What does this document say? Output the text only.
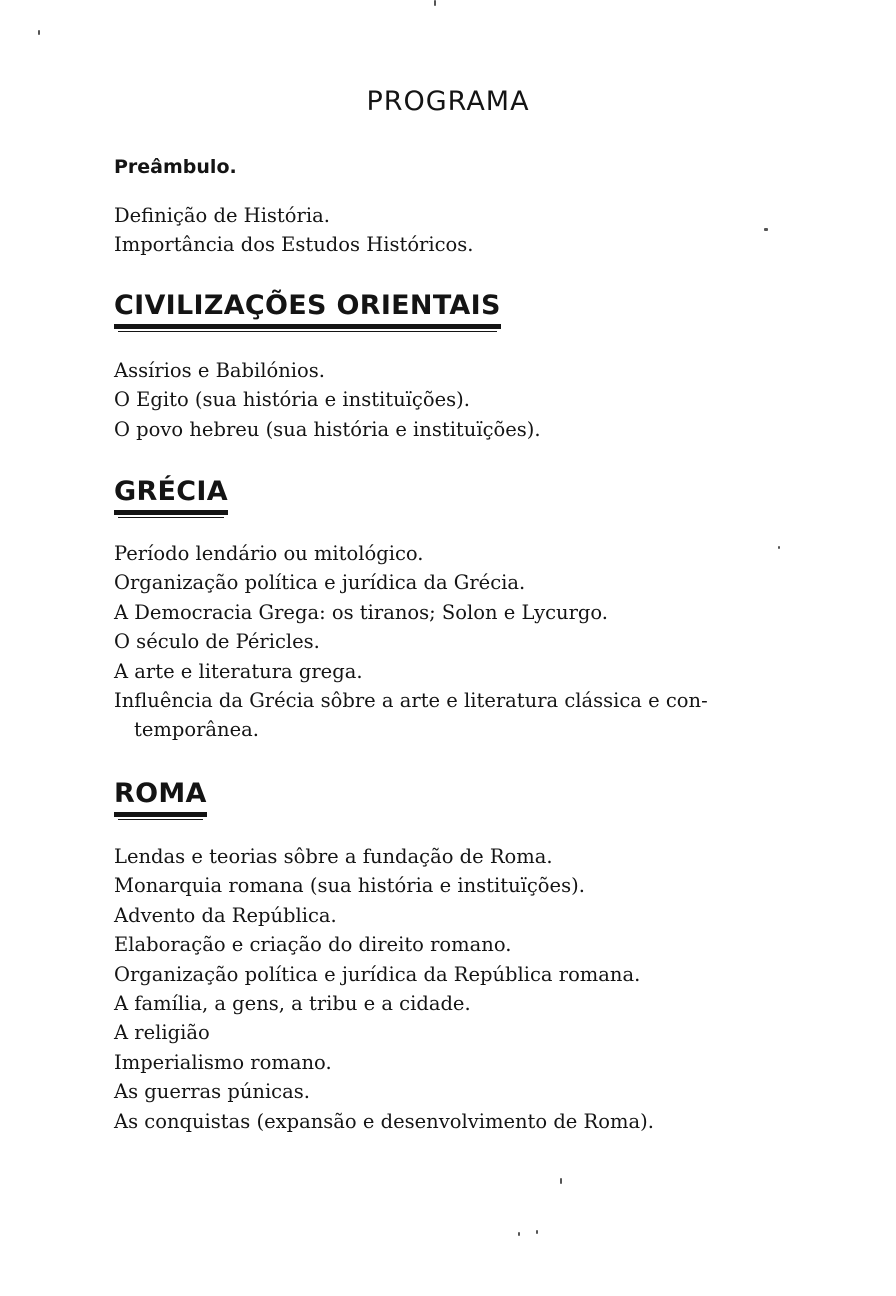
PROGRAMA
Preâmbulo.
Definição de História.
Importância dos Estudos Históricos.
CIVILIZAÇÕES ORIENTAIS
Assírios e Babilónios.
O Egito (sua história e instituïções).
O povo hebreu (sua história e instituïções).
GRÉCIA
Período lendário ou mitológico.
Organização política e jurídica da Grécia.
A Democracia Grega: os tiranos; Solon e Lycurgo.
O século de Péricles.
A arte e literatura grega.
Influência da Grécia sôbre a arte e literatura clássica e con-
temporânea.
ROMA
Lendas e teorias sôbre a fundação de Roma.
Monarquia romana (sua história e instituïções).
Advento da República.
Elaboração e criação do direito romano.
Organização política e jurídica da República romana.
A família, a gens, a tribu e a cidade.
A religião
Imperialismo romano.
As guerras púnicas.
As conquistas (expansão e desenvolvimento de Roma).
